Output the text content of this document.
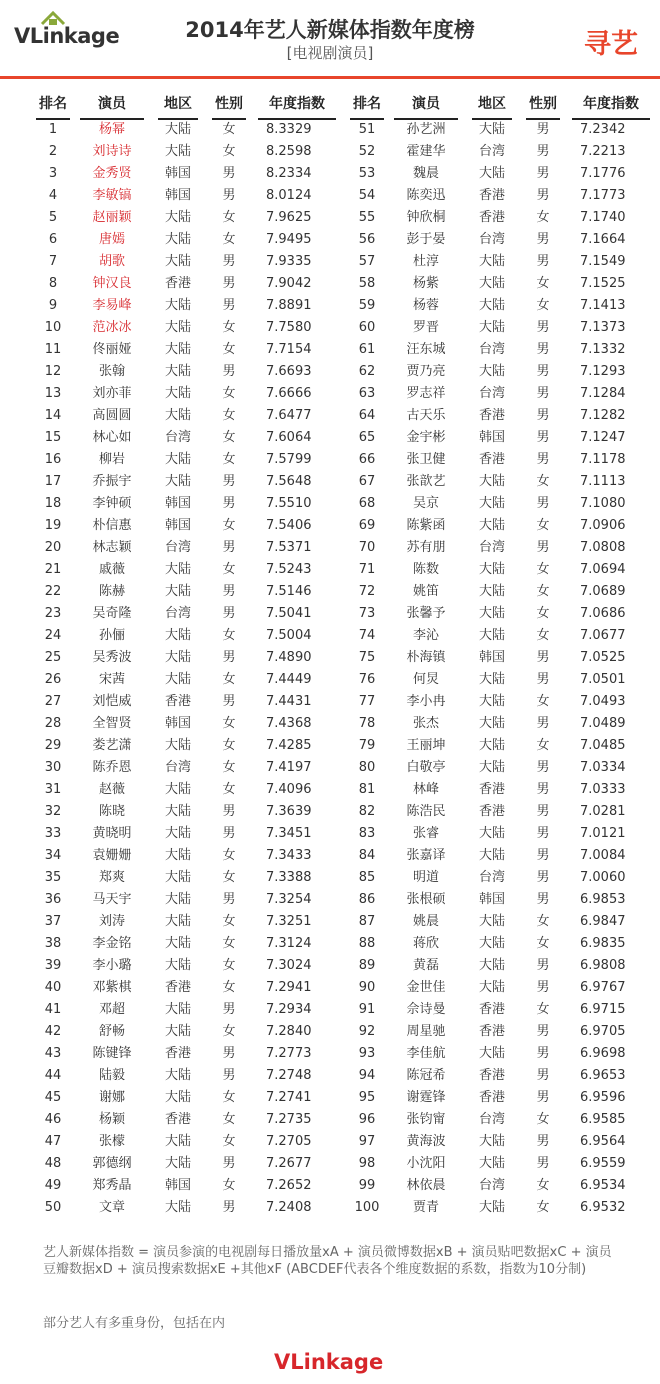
VLinkage	2014年艺人新媒体指数年度榜
[电视剧演员]	寻艺
排名	演员	地区	性别	年度指数
1	杨幂	大陆	女	8.3329
2	刘诗诗	大陆	女	8.2598
3	金秀贤	韩国	男	8.2334
4	李敏镐	韩国	男	8.0124
5	赵丽颖	大陆	女	7.9625
6	唐嫣	大陆	女	7.9495
7	胡歌	大陆	男	7.9335
8	钟汉良	香港	男	7.9042
9	李易峰	大陆	男	7.8891
10	范冰冰	大陆	女	7.7580
11	佟丽娅	大陆	女	7.7154
12	张翰	大陆	男	7.6693
13	刘亦菲	大陆	女	7.6666
14	高圆圆	大陆	女	7.6477
15	林心如	台湾	女	7.6064
16	柳岩	大陆	女	7.5799
17	乔振宇	大陆	男	7.5648
18	李钟硕	韩国	男	7.5510
19	朴信惠	韩国	女	7.5406
20	林志颖	台湾	男	7.5371
21	戚薇	大陆	女	7.5243
22	陈赫	大陆	男	7.5146
23	吴奇隆	台湾	男	7.5041
24	孙俪	大陆	女	7.5004
25	吴秀波	大陆	男	7.4890
26	宋茜	大陆	女	7.4449
27	刘恺威	香港	男	7.4431
28	全智贤	韩国	女	7.4368
29	娄艺潇	大陆	女	7.4285
30	陈乔恩	台湾	女	7.4197
31	赵薇	大陆	女	7.4096
32	陈晓	大陆	男	7.3639
33	黄晓明	大陆	男	7.3451
34	袁姗姗	大陆	女	7.3433
35	郑爽	大陆	女	7.3388
36	马天宇	大陆	男	7.3254
37	刘涛	大陆	女	7.3251
38	李金铭	大陆	女	7.3124
39	李小璐	大陆	女	7.3024
40	邓紫棋	香港	女	7.2941
41	邓超	大陆	男	7.2934
42	舒畅	大陆	女	7.2840
43	陈键锋	香港	男	7.2773
44	陆毅	大陆	男	7.2748
45	谢娜	大陆	女	7.2741
46	杨颖	香港	女	7.2735
47	张檬	大陆	女	7.2705
48	郭德纲	大陆	男	7.2677
49	郑秀晶	韩国	女	7.2652
50	文章	大陆	男	7.2408
排名	演员	地区	性别	年度指数
51	孙艺洲	大陆	男	7.2342
52	霍建华	台湾	男	7.2213
53	魏晨	大陆	男	7.1776
54	陈奕迅	香港	男	7.1773
55	钟欣桐	香港	女	7.1740
56	彭于晏	台湾	男	7.1664
57	杜淳	大陆	男	7.1549
58	杨紫	大陆	女	7.1525
59	杨蓉	大陆	女	7.1413
60	罗晋	大陆	男	7.1373
61	汪东城	台湾	男	7.1332
62	贾乃亮	大陆	男	7.1293
63	罗志祥	台湾	男	7.1284
64	古天乐	香港	男	7.1282
65	金宇彬	韩国	男	7.1247
66	张卫健	香港	男	7.1178
67	张歆艺	大陆	女	7.1113
68	吴京	大陆	男	7.1080
69	陈紫函	大陆	女	7.0906
70	苏有朋	台湾	男	7.0808
71	陈数	大陆	女	7.0694
72	姚笛	大陆	女	7.0689
73	张馨予	大陆	女	7.0686
74	李沁	大陆	女	7.0677
75	朴海镇	韩国	男	7.0525
76	何炅	大陆	男	7.0501
77	李小冉	大陆	女	7.0493
78	张杰	大陆	男	7.0489
79	王丽坤	大陆	女	7.0485
80	白敬亭	大陆	男	7.0334
81	林峰	香港	男	7.0333
82	陈浩民	香港	男	7.0281
83	张睿	大陆	男	7.0121
84	张嘉译	大陆	男	7.0084
85	明道	台湾	男	7.0060
86	张根硕	韩国	男	6.9853
87	姚晨	大陆	女	6.9847
88	蒋欣	大陆	女	6.9835
89	黄磊	大陆	男	6.9808
90	金世佳	大陆	男	6.9767
91	佘诗曼	香港	女	6.9715
92	周星驰	香港	男	6.9705
93	李佳航	大陆	男	6.9698
94	陈冠希	香港	男	6.9653
95	谢霆锋	香港	男	6.9596
96	张钧甯	台湾	女	6.9585
97	黄海波	大陆	男	6.9564
98	小沈阳	大陆	男	6.9559
99	林依晨	台湾	女	6.9534
100	贾青	大陆	女	6.9532
艺人新媒体指数 = 演员参演的电视剧每日播放量xA + 演员微博数据xB + 演员贴吧数据xC + 演员豆瓣数据xD + 演员搜索数据xE +其他xF (ABCDEF代表各个维度数据的系数，指数为10分制)
部分艺人有多重身份，包括在内
VLinkage
